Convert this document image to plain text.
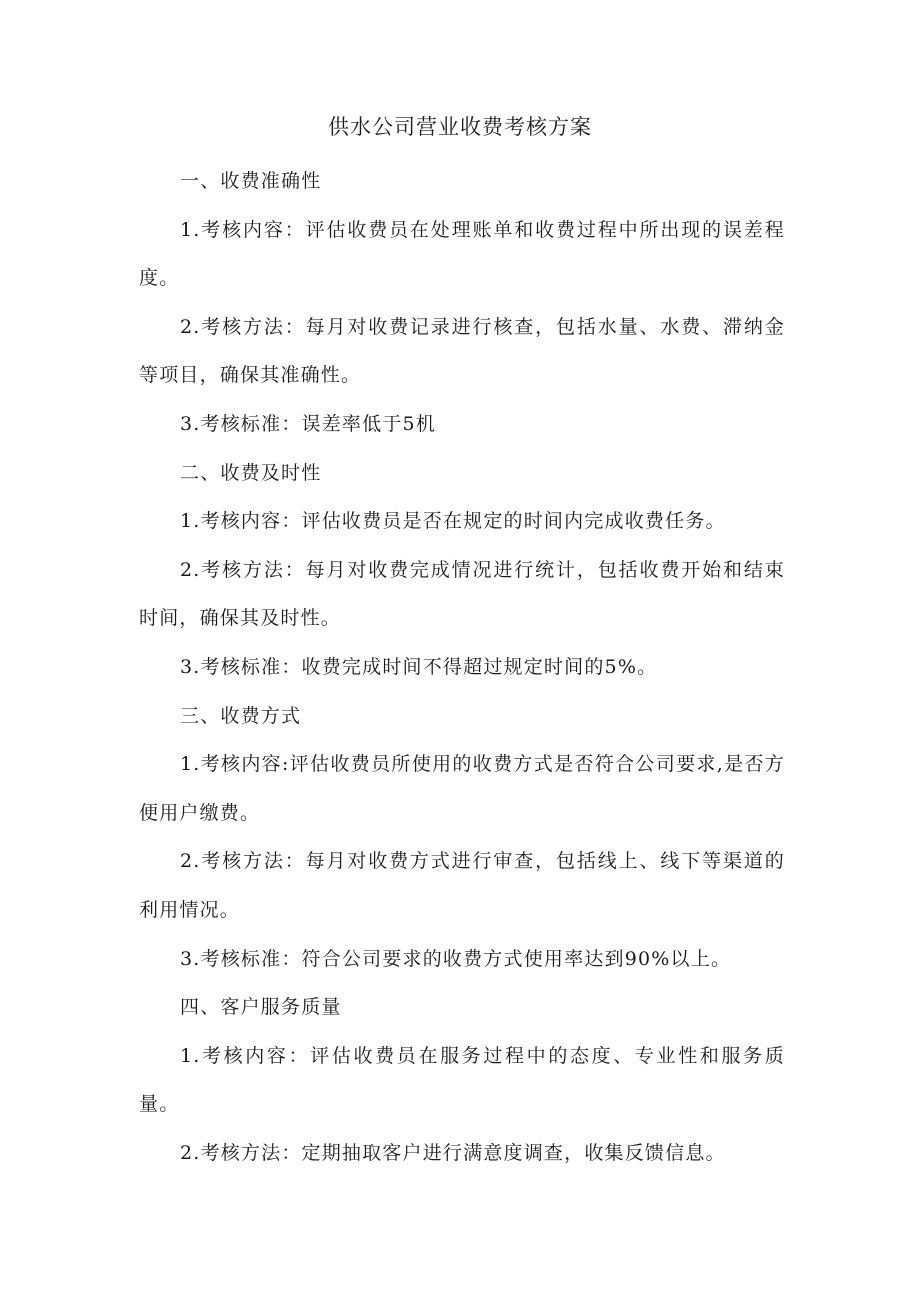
供水公司营业收费考核方案

一、收费准确性

1.考核内容：评估收费员在处理账单和收费过程中所出现的误差程度。

2.考核方法：每月对收费记录进行核查，包括水量、水费、滞纳金等项目，确保其准确性。

3.考核标准：误差率低于5机

二、收费及时性

1.考核内容：评估收费员是否在规定的时间内完成收费任务。

2.考核方法：每月对收费完成情况进行统计，包括收费开始和结束时间，确保其及时性。

3.考核标准：收费完成时间不得超过规定时间的5%。

三、收费方式

1.考核内容:评估收费员所使用的收费方式是否符合公司要求,是否方便用户缴费。

2.考核方法：每月对收费方式进行审查，包括线上、线下等渠道的利用情况。

3.考核标准：符合公司要求的收费方式使用率达到90%以上。

四、客户服务质量

1.考核内容：评估收费员在服务过程中的态度、专业性和服务质量。

2.考核方法：定期抽取客户进行满意度调查，收集反馈信息。
